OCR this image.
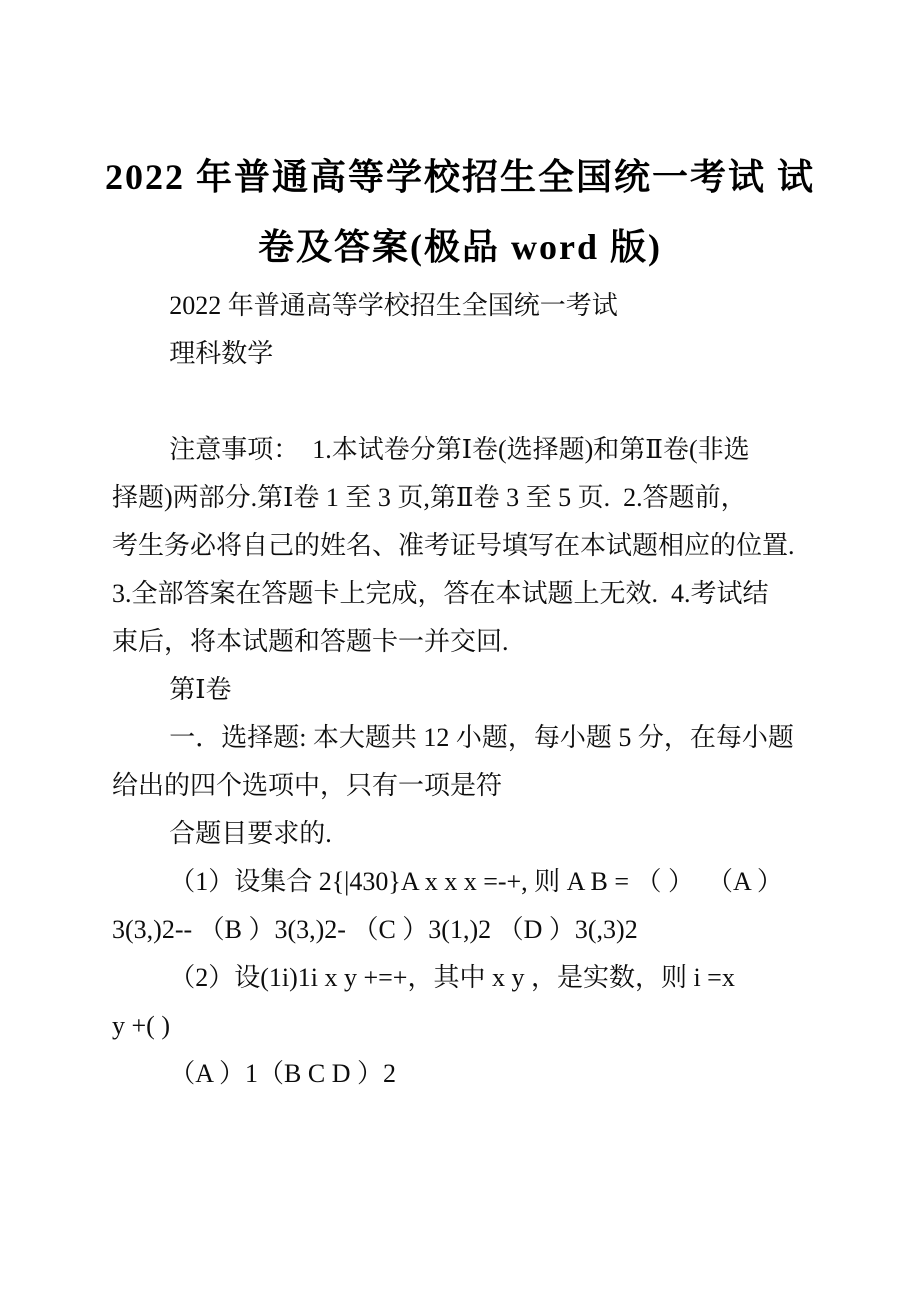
2022 年普通高等学校招生全国统一考试 试
卷及答案(极品 word 版)
2022 年普通高等学校招生全国统一考试
理科数学
注意事项：  1.本试卷分第Ⅰ卷(选择题)和第Ⅱ卷(非选
择题)两部分.第Ⅰ卷 1 至 3 页,第Ⅱ卷 3 至 5 页.  2.答题前，
考生务必将自己的姓名、准考证号填写在本试题相应的位置.
3.全部答案在答题卡上完成，答在本试题上无效.  4.考试结
束后，将本试题和答题卡一并交回.
第Ⅰ卷
一．选择题: 本大题共 12 小题，每小题 5 分，在每小题
给出的四个选项中，只有一项是符
合题目要求的.
（1）设集合 2{|430}A x x x =-+, 则 A B = （ ）  （A ）
3(3,)2-- （B ）3(3,)2- （C ）3(1,)2 （D ）3(,3)2
（2）设(1i)1i x y +=+，其中 x y ，是实数，则 i =x
y +( )
（A ）1（B C D ）2
